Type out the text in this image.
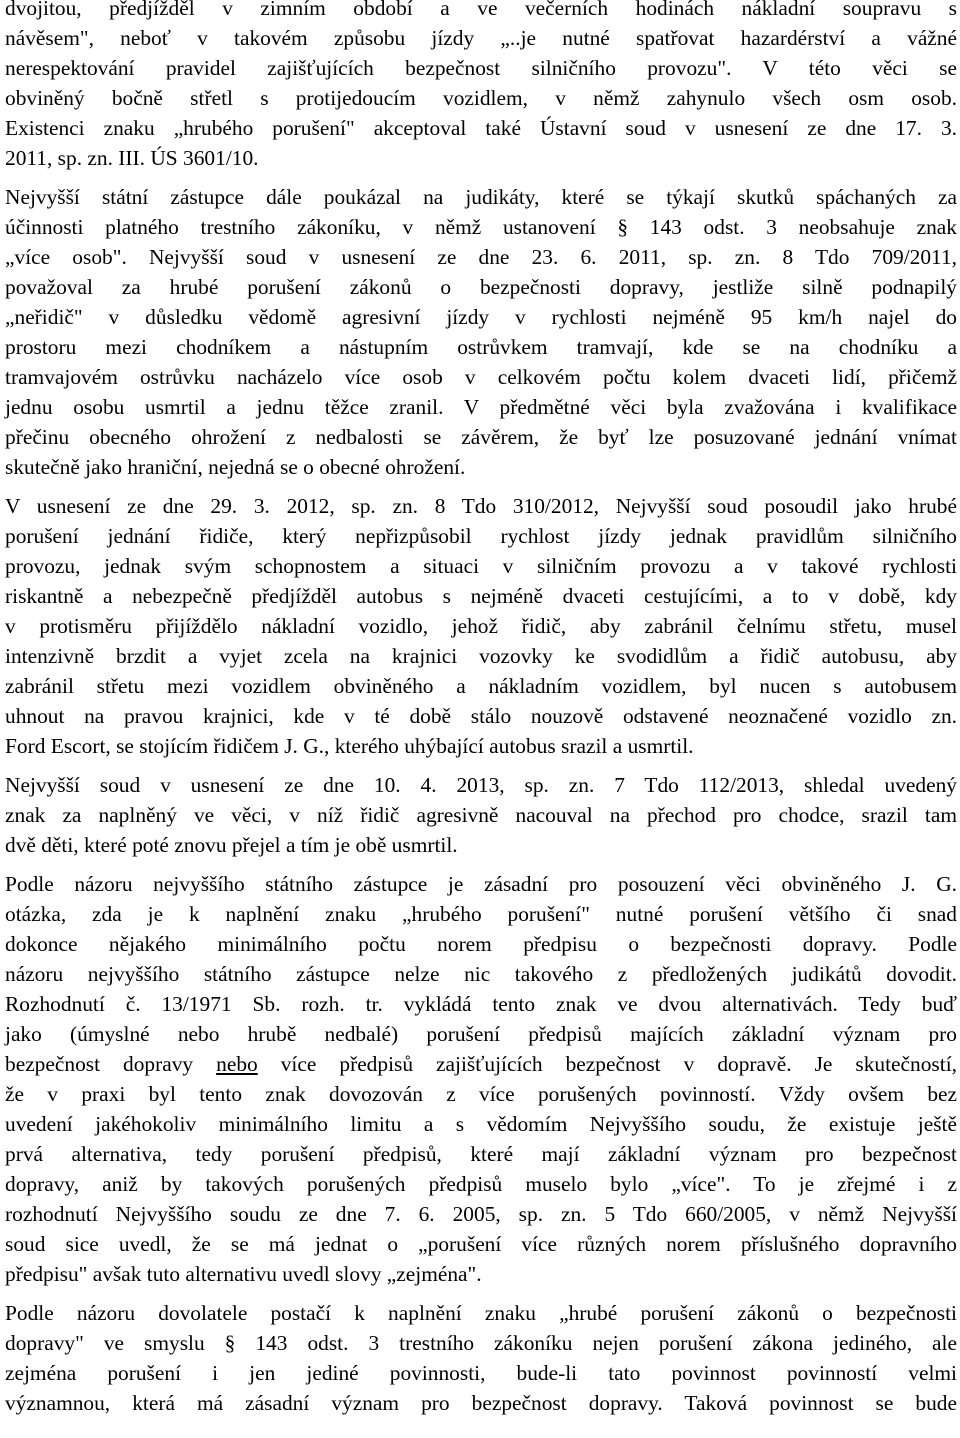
dvojitou, předjížděl v zimním období a ve večerních hodinách nákladní soupravu s
návěsem", neboť v takovém způsobu jízdy „..je nutné spatřovat hazardérství a vážné
nerespektování pravidel zajišťujících bezpečnost silničního provozu". V této věci se
obviněný bočně střetl s protijedoucím vozidlem, v němž zahynulo všech osm osob.
Existenci znaku „hrubého porušení" akceptoval také Ústavní soud v usnesení ze dne 17. 3.
2011, sp. zn. III. ÚS 3601/10.

Nejvyšší státní zástupce dále poukázal na judikáty, které se týkají skutků spáchaných za
účinnosti platného trestního zákoníku, v němž ustanovení § 143 odst. 3 neobsahuje znak
„více osob". Nejvyšší soud v usnesení ze dne 23. 6. 2011, sp. zn. 8 Tdo 709/2011,
považoval za hrubé porušení zákonů o bezpečnosti dopravy, jestliže silně podnapilý
„neřidič" v důsledku vědomě agresivní jízdy v rychlosti nejméně 95 km/h najel do
prostoru mezi chodníkem a nástupním ostrůvkem tramvají, kde se na chodníku a
tramvajovém ostrůvku nacházelo více osob v celkovém počtu kolem dvaceti lidí, přičemž
jednu osobu usmrtil a jednu těžce zranil. V předmětné věci byla zvažována i kvalifikace
přečinu obecného ohrožení z nedbalosti se závěrem, že byť lze posuzované jednání vnímat
skutečně jako hraniční, nejedná se o obecné ohrožení.

V usnesení ze dne 29. 3. 2012, sp. zn. 8 Tdo 310/2012, Nejvyšší soud posoudil jako hrubé
porušení jednání řidiče, který nepřizpůsobil rychlost jízdy jednak pravidlům silničního
provozu, jednak svým schopnostem a situaci v silničním provozu a v takové rychlosti
riskantně a nebezpečně předjížděl autobus s nejméně dvaceti cestujícími, a to v době, kdy
v protisměru přijíždělo nákladní vozidlo, jehož řidič, aby zabránil čelnímu střetu, musel
intenzivně brzdit a vyjet zcela na krajnici vozovky ke svodidlům a řidič autobusu, aby
zabránil střetu mezi vozidlem obviněného a nákladním vozidlem, byl nucen s autobusem
uhnout na pravou krajnici, kde v té době stálo nouzově odstavené neoznačené vozidlo zn.
Ford Escort, se stojícím řidičem J. G., kterého uhýbající autobus srazil a usmrtil.

Nejvyšší soud v usnesení ze dne 10. 4. 2013, sp. zn. 7 Tdo 112/2013, shledal uvedený
znak za naplněný ve věci, v níž řidič agresivně nacouval na přechod pro chodce, srazil tam
dvě děti, které poté znovu přejel a tím je obě usmrtil.

Podle názoru nejvyššího státního zástupce je zásadní pro posouzení věci obviněného J. G.
otázka, zda je k naplnění znaku „hrubého porušení" nutné porušení většího či snad
dokonce nějakého minimálního počtu norem předpisu o bezpečnosti dopravy. Podle
názoru nejvyššího státního zástupce nelze nic takového z předložených judikátů dovodit.
Rozhodnutí č. 13/1971 Sb. rozh. tr. vykládá tento znak ve dvou alternativách. Tedy buď
jako (úmyslné nebo hrubě nedbalé) porušení předpisů majících základní význam pro
bezpečnost dopravy nebo více předpisů zajišťujících bezpečnost v dopravě. Je skutečností,
že v praxi byl tento znak dovozován z více porušených povinností. Vždy ovšem bez
uvedení jakéhokoliv minimálního limitu a s vědomím Nejvyššího soudu, že existuje ještě
prvá alternativa, tedy porušení předpisů, které mají základní význam pro bezpečnost
dopravy, aniž by takových porušených předpisů muselo bylo „více". To je zřejmé i z
rozhodnutí Nejvyššího soudu ze dne 7. 6. 2005, sp. zn. 5 Tdo 660/2005, v němž Nejvyšší
soud sice uvedl, že se má jednat o „porušení více různých norem příslušného dopravního
předpisu" avšak tuto alternativu uvedl slovy „zejména".

Podle názoru dovolatele postačí k naplnění znaku „hrubé porušení zákonů o bezpečnosti
dopravy" ve smyslu § 143 odst. 3 trestního zákoníku nejen porušení zákona jediného, ale
zejména porušení i jen jediné povinnosti, bude-li tato povinnost povinností velmi
významnou, která má zásadní význam pro bezpečnost dopravy. Taková povinnost se bude
